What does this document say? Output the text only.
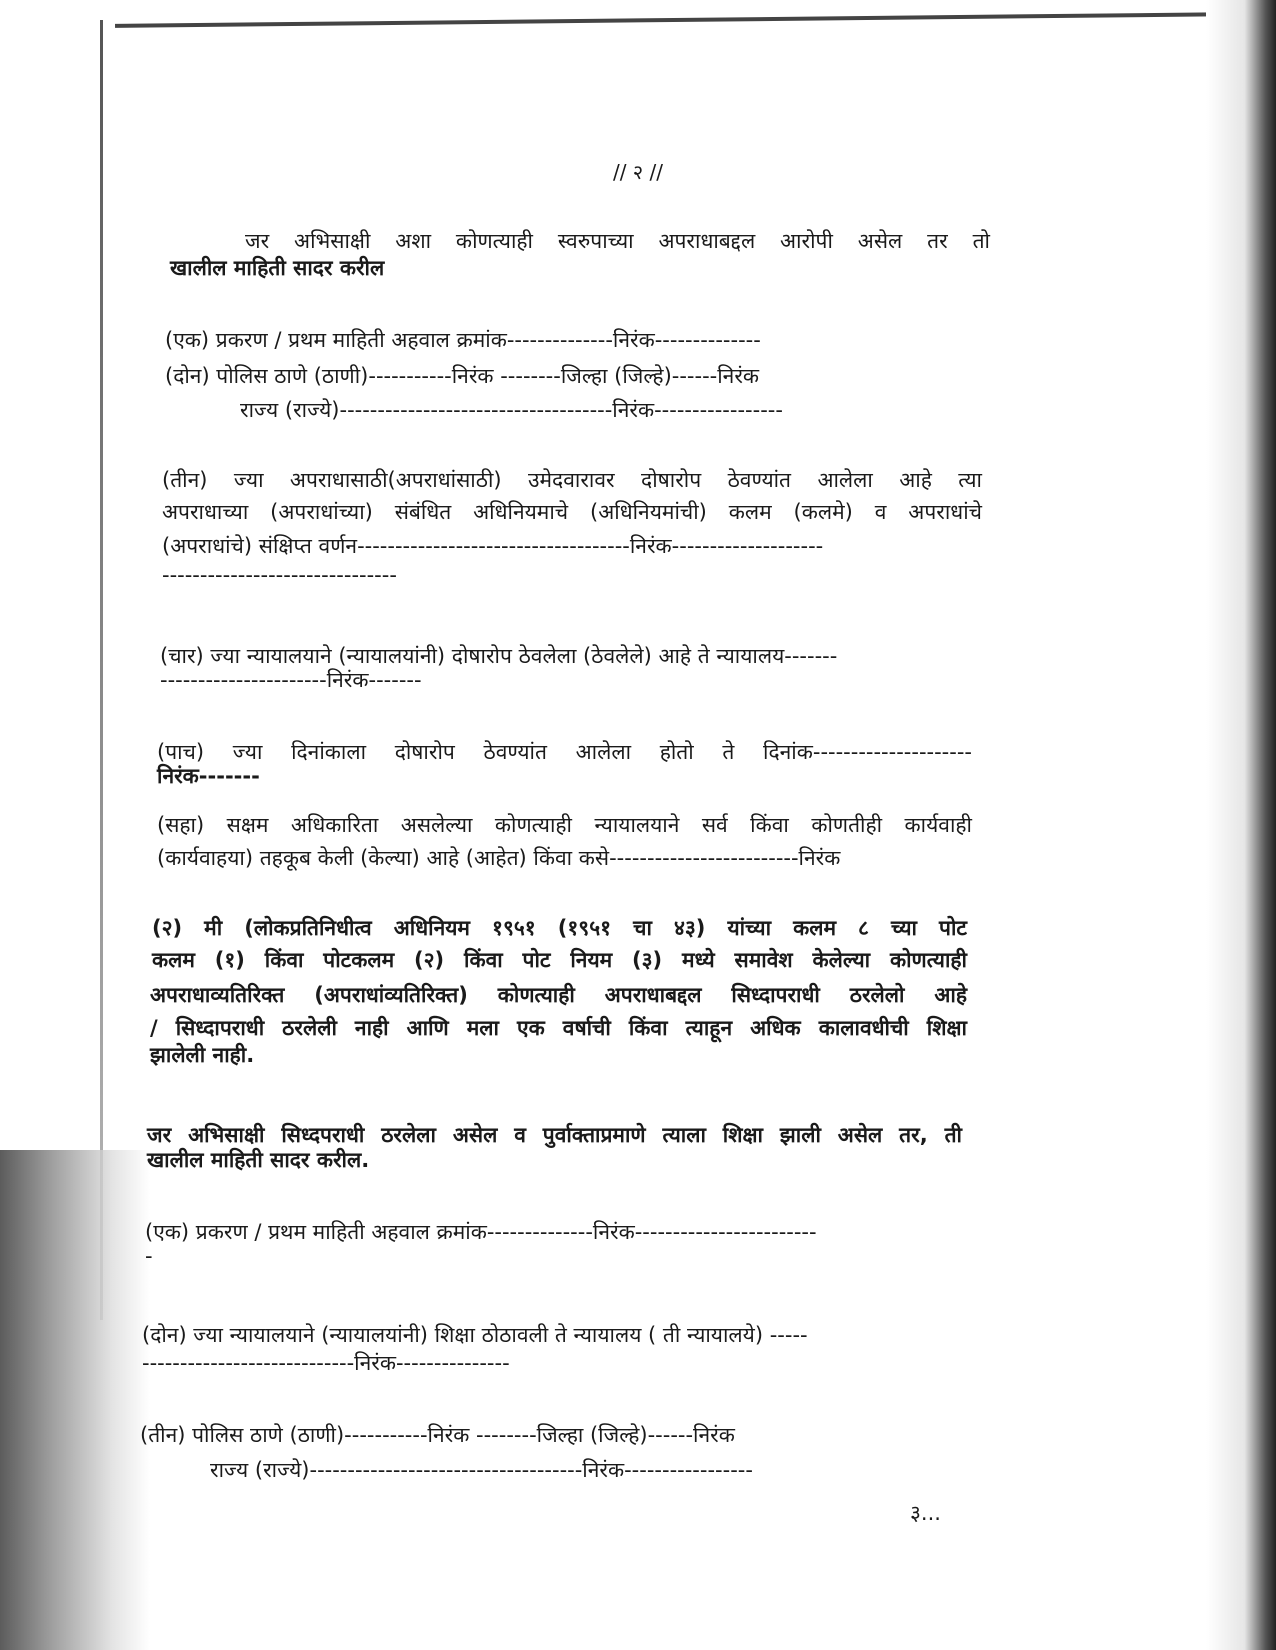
// २ //
जर अभिसाक्षी अशा कोणत्याही स्वरुपाच्या अपराधाबद्दल आरोपी असेल तर तो
खालील माहिती सादर करील
(एक) प्रकरण / प्रथम माहिती अहवाल क्रमांक--------------निरंक--------------
(दोन) पोलिस ठाणे (ठाणी)-----------निरंक --------जिल्हा (जिल्हे)------निरंक
राज्य (राज्ये)------------------------------------निरंक-----------------
(तीन) ज्या अपराधासाठी(अपराधांसाठी) उमेदवारावर दोषारोप ठेवण्यांत आलेला आहे त्या
अपराधाच्या (अपराधांच्या) संबंधित अधिनियमाचे (अधिनियमांची) कलम (कलमे) व अपराधांचे
(अपराधांचे) संक्षिप्त वर्णन------------------------------------निरंक--------------------
-------------------------------
(चार) ज्या न्यायालयाने (न्यायालयांनी) दोषारोप ठेवलेला (ठेवलेले) आहे ते न्यायालय-------
----------------------निरंक-------
(पाच) ज्या दिनांकाला दोषारोप ठेवण्यांत आलेला होतो ते दिनांक---------------------
निरंक-------
(सहा) सक्षम अधिकारिता असलेल्या कोणत्याही न्यायालयाने सर्व किंवा कोणतीही कार्यवाही
(कार्यवाहया) तहकूब केली (केल्या) आहे (आहेत) किंवा कसे-------------------------निरंक
(२) मी (लोकप्रतिनिधीत्व अधिनियम १९५१ (१९५१ चा ४३) यांच्या कलम ८ च्या पोट
कलम (१) किंवा पोटकलम (२) किंवा पोट नियम (३) मध्ये समावेश केलेल्या कोणत्याही
अपराधाव्यतिरिक्त (अपराधांव्यतिरिक्त) कोणत्याही अपराधाबद्दल सिध्दापराधी ठरलेलो आहे
/ सिध्दापराधी ठरलेली नाही आणि मला एक वर्षाची किंवा त्याहून अधिक कालावधीची शिक्षा
झालेली नाही.
जर अभिसाक्षी सिध्दपराधी ठरलेला असेल व पुर्वाक्ताप्रमाणे त्याला शिक्षा झाली असेल तर, ती
खालील माहिती सादर करील.
(एक) प्रकरण / प्रथम माहिती अहवाल क्रमांक--------------निरंक------------------------
-
(दोन) ज्या न्यायालयाने (न्यायालयांनी) शिक्षा ठोठावली ते न्यायालय ( ती न्यायालये) -----
----------------------------निरंक---------------
(तीन) पोलिस ठाणे (ठाणी)-----------निरंक --------जिल्हा (जिल्हे)------निरंक
राज्य (राज्ये)------------------------------------निरंक-----------------
३...
